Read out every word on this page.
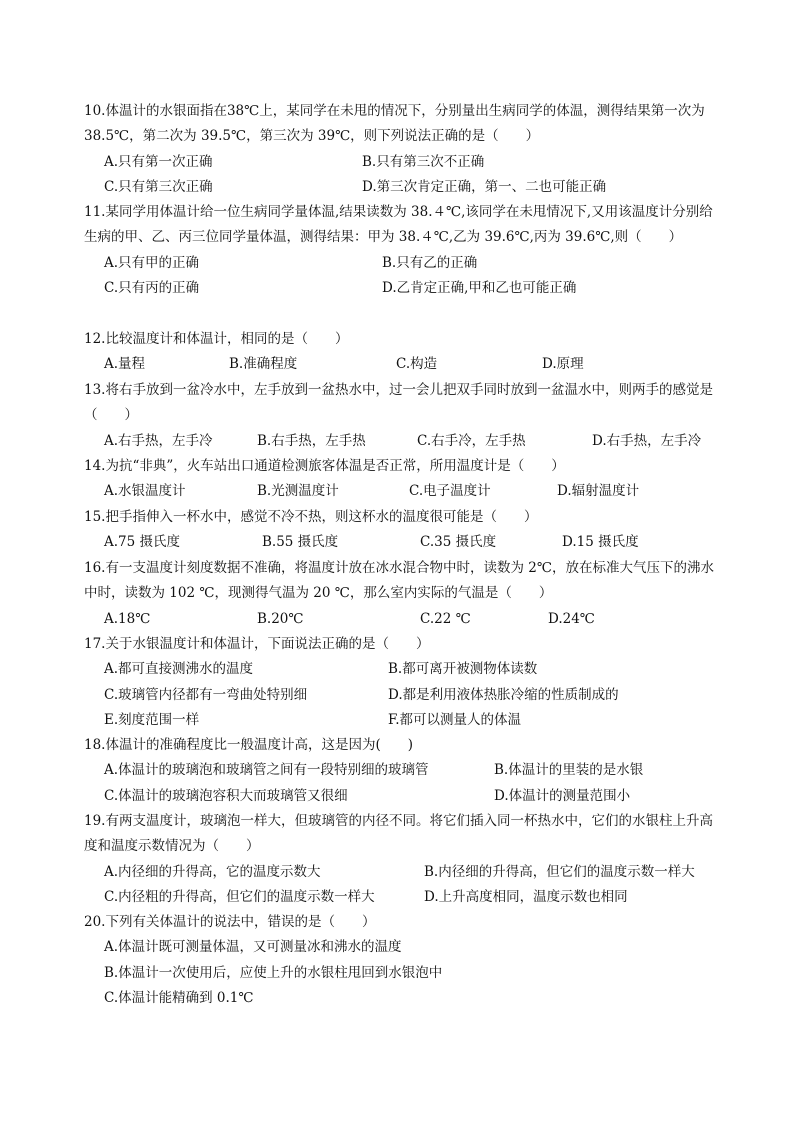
10.体温计的水银面指在38℃上，某同学在未甩的情况下，分别量出生病同学的体温，测得结果第一次为 38.5℃，第二次为 39.5℃，第三次为 39℃，则下列说法正确的是（　　）
A.只有第一次正确	B.只有第三次不正确
C.只有第三次正确	D.第三次肯定正确，第一、二也可能正确
11.某同学用体温计给一位生病同学量体温,结果读数为 38.４℃,该同学在未甩情况下,又用该温度计分别给生病的甲、乙、丙三位同学量体温，测得结果：甲为 38.４℃,乙为 39.6℃,丙为 39.6℃,则（　　）
A.只有甲的正确	B.只有乙的正确
C.只有丙的正确	D.乙肯定正确,甲和乙也可能正确
12.比较温度计和体温计，相同的是（　　）
A.量程	B.准确程度	C.构造	D.原理
13.将右手放到一盆冷水中，左手放到一盆热水中，过一会儿把双手同时放到一盆温水中，则两手的感觉是（　　）
A.右手热，左手冷	B.右手热，左手热	C.右手冷，左手热	D.右手热，左手冷
14.为抗“非典”，火车站出口通道检测旅客体温是否正常，所用温度计是（　　）
A.水银温度计	B.光测温度计	C.电子温度计	D.辐射温度计
15.把手指伸入一杯水中，感觉不冷不热，则这杯水的温度很可能是（　　）
A.75 摄氏度	B.55 摄氏度	C.35 摄氏度	D.15 摄氏度
16.有一支温度计刻度数据不准确，将温度计放在冰水混合物中时，读数为 2℃，放在标准大气压下的沸水中时，读数为 102 ℃，现测得气温为 20 ℃，那么室内实际的气温是（　　）
A.18℃	B.20℃	C.22 ℃	D.24℃
17.关于水银温度计和体温计，下面说法正确的是（　　）
A.都可直接测沸水的温度	B.都可离开被测物体读数
C.玻璃管内径都有一弯曲处特别细	D.都是利用液体热胀冷缩的性质制成的
E.刻度范围一样	F.都可以测量人的体温
18.体温计的准确程度比一般温度计高，这是因为(　　)
A.体温计的玻璃泡和玻璃管之间有一段特别细的玻璃管	B.体温计的里装的是水银
C.体温计的玻璃泡容积大而玻璃管又很细	D.体温计的测量范围小
19.有两支温度计，玻璃泡一样大，但玻璃管的内径不同。将它们插入同一杯热水中，它们的水银柱上升高度和温度示数情况为（　　）
A.内径细的升得高，它的温度示数大	B.内径细的升得高，但它们的温度示数一样大
C.内径粗的升得高，但它们的温度示数一样大	D.上升高度相同，温度示数也相同
20.下列有关体温计的说法中，错误的是（　　）
A.体温计既可测量体温，又可测量冰和沸水的温度
B.体温计一次使用后，应使上升的水银柱甩回到水银泡中
C.体温计能精确到 0.1℃
